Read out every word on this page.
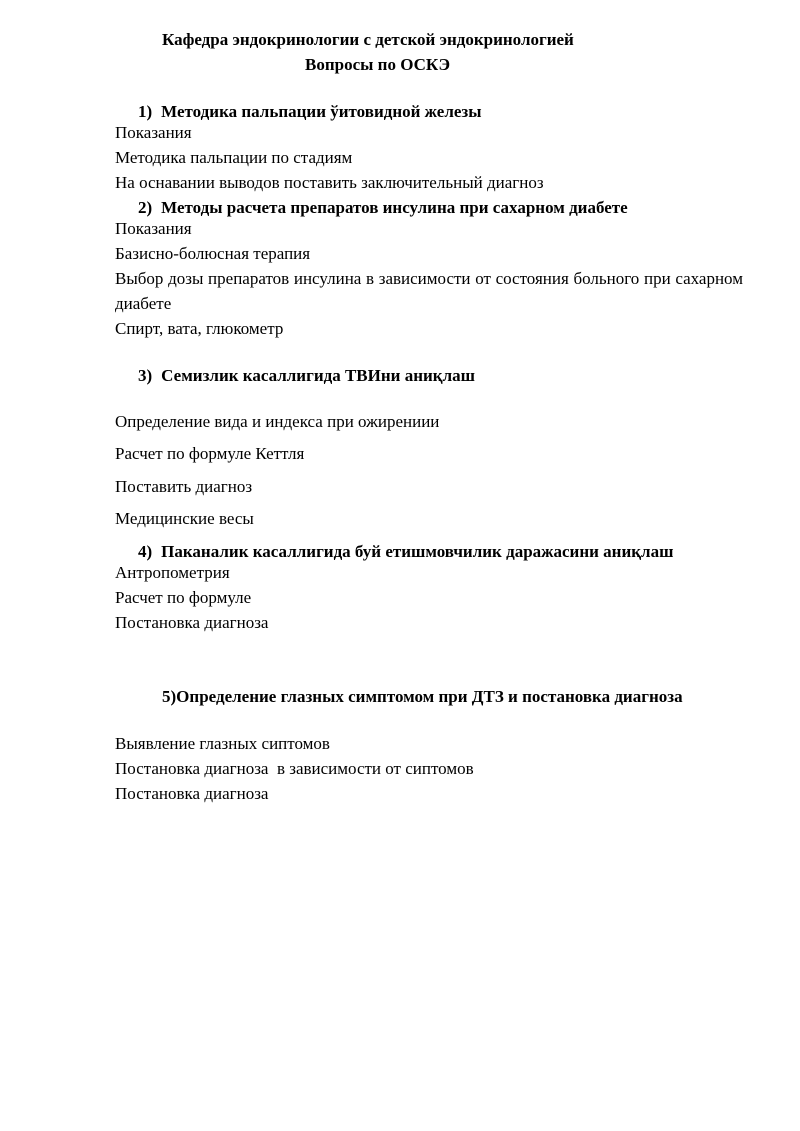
Кафедра эндокринологии с детской эндокринологией
Вопросы по ОСКЭ
1) Методика пальпации ўитовидной железы
Показания
Методика пальпации по стадиям
На оснавании выводов поставить заключительный диагноз
2) Методы расчета препаратов инсулина при сахарном диабете
Показания
Базисно-болюсная терапия
Выбор дозы препаратов инсулина в зависимости от состояния больного при сахарном диабете
Спирт, вата, глюкометр
3) Семизлик касаллигида ТВИни аниқлаш
Определение вида и индекса при ожирениии
Расчет по формуле Кеттля
Поставить диагноз
Медицинские весы
4) Паканалик касаллигида буй етишмовчилик даражасини аниқлаш
Антропометрия
Расчет по формуле
Постановка диагноза
5)Определение глазных симптомом при ДТЗ и постановка диагноза
Выявление глазных сиптомов
Постановка диагноза  в зависимости от сиптомов
Постановка диагноза
